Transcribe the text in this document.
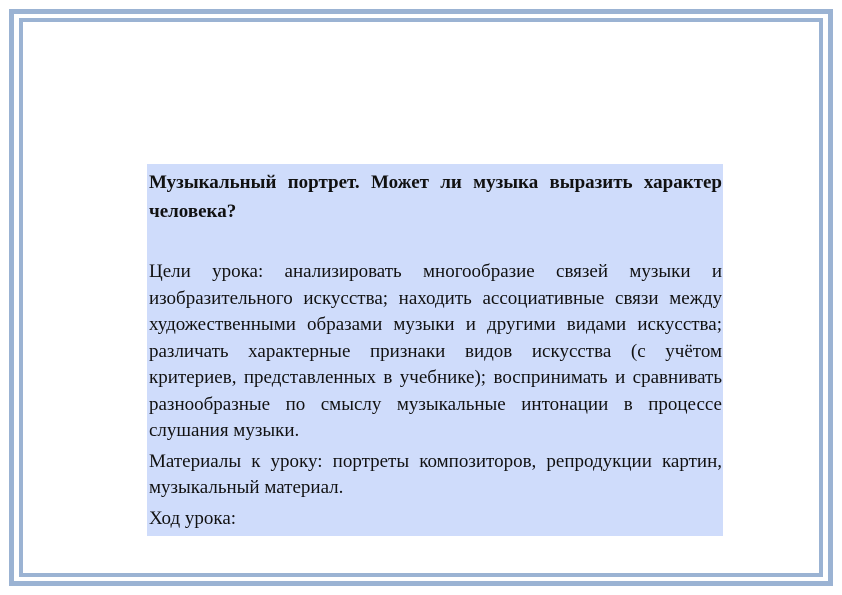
Музыкальный портрет. Может ли музыка выразить характер человека?

Цели урока: анализировать многообразие связей музыки и изобразительного искусства; находить ассоциативные связи между художественными образами музыки и другими видами искусства; различать характерные признаки видов искусства (с учётом критериев, представленных в учебнике); воспринимать и сравнивать разнообразные по смыслу музыкальные интонации в процессе слушания музыки.

Материалы к уроку: портреты композиторов, репродукции картин, музыкальный материал.

Ход урока:
